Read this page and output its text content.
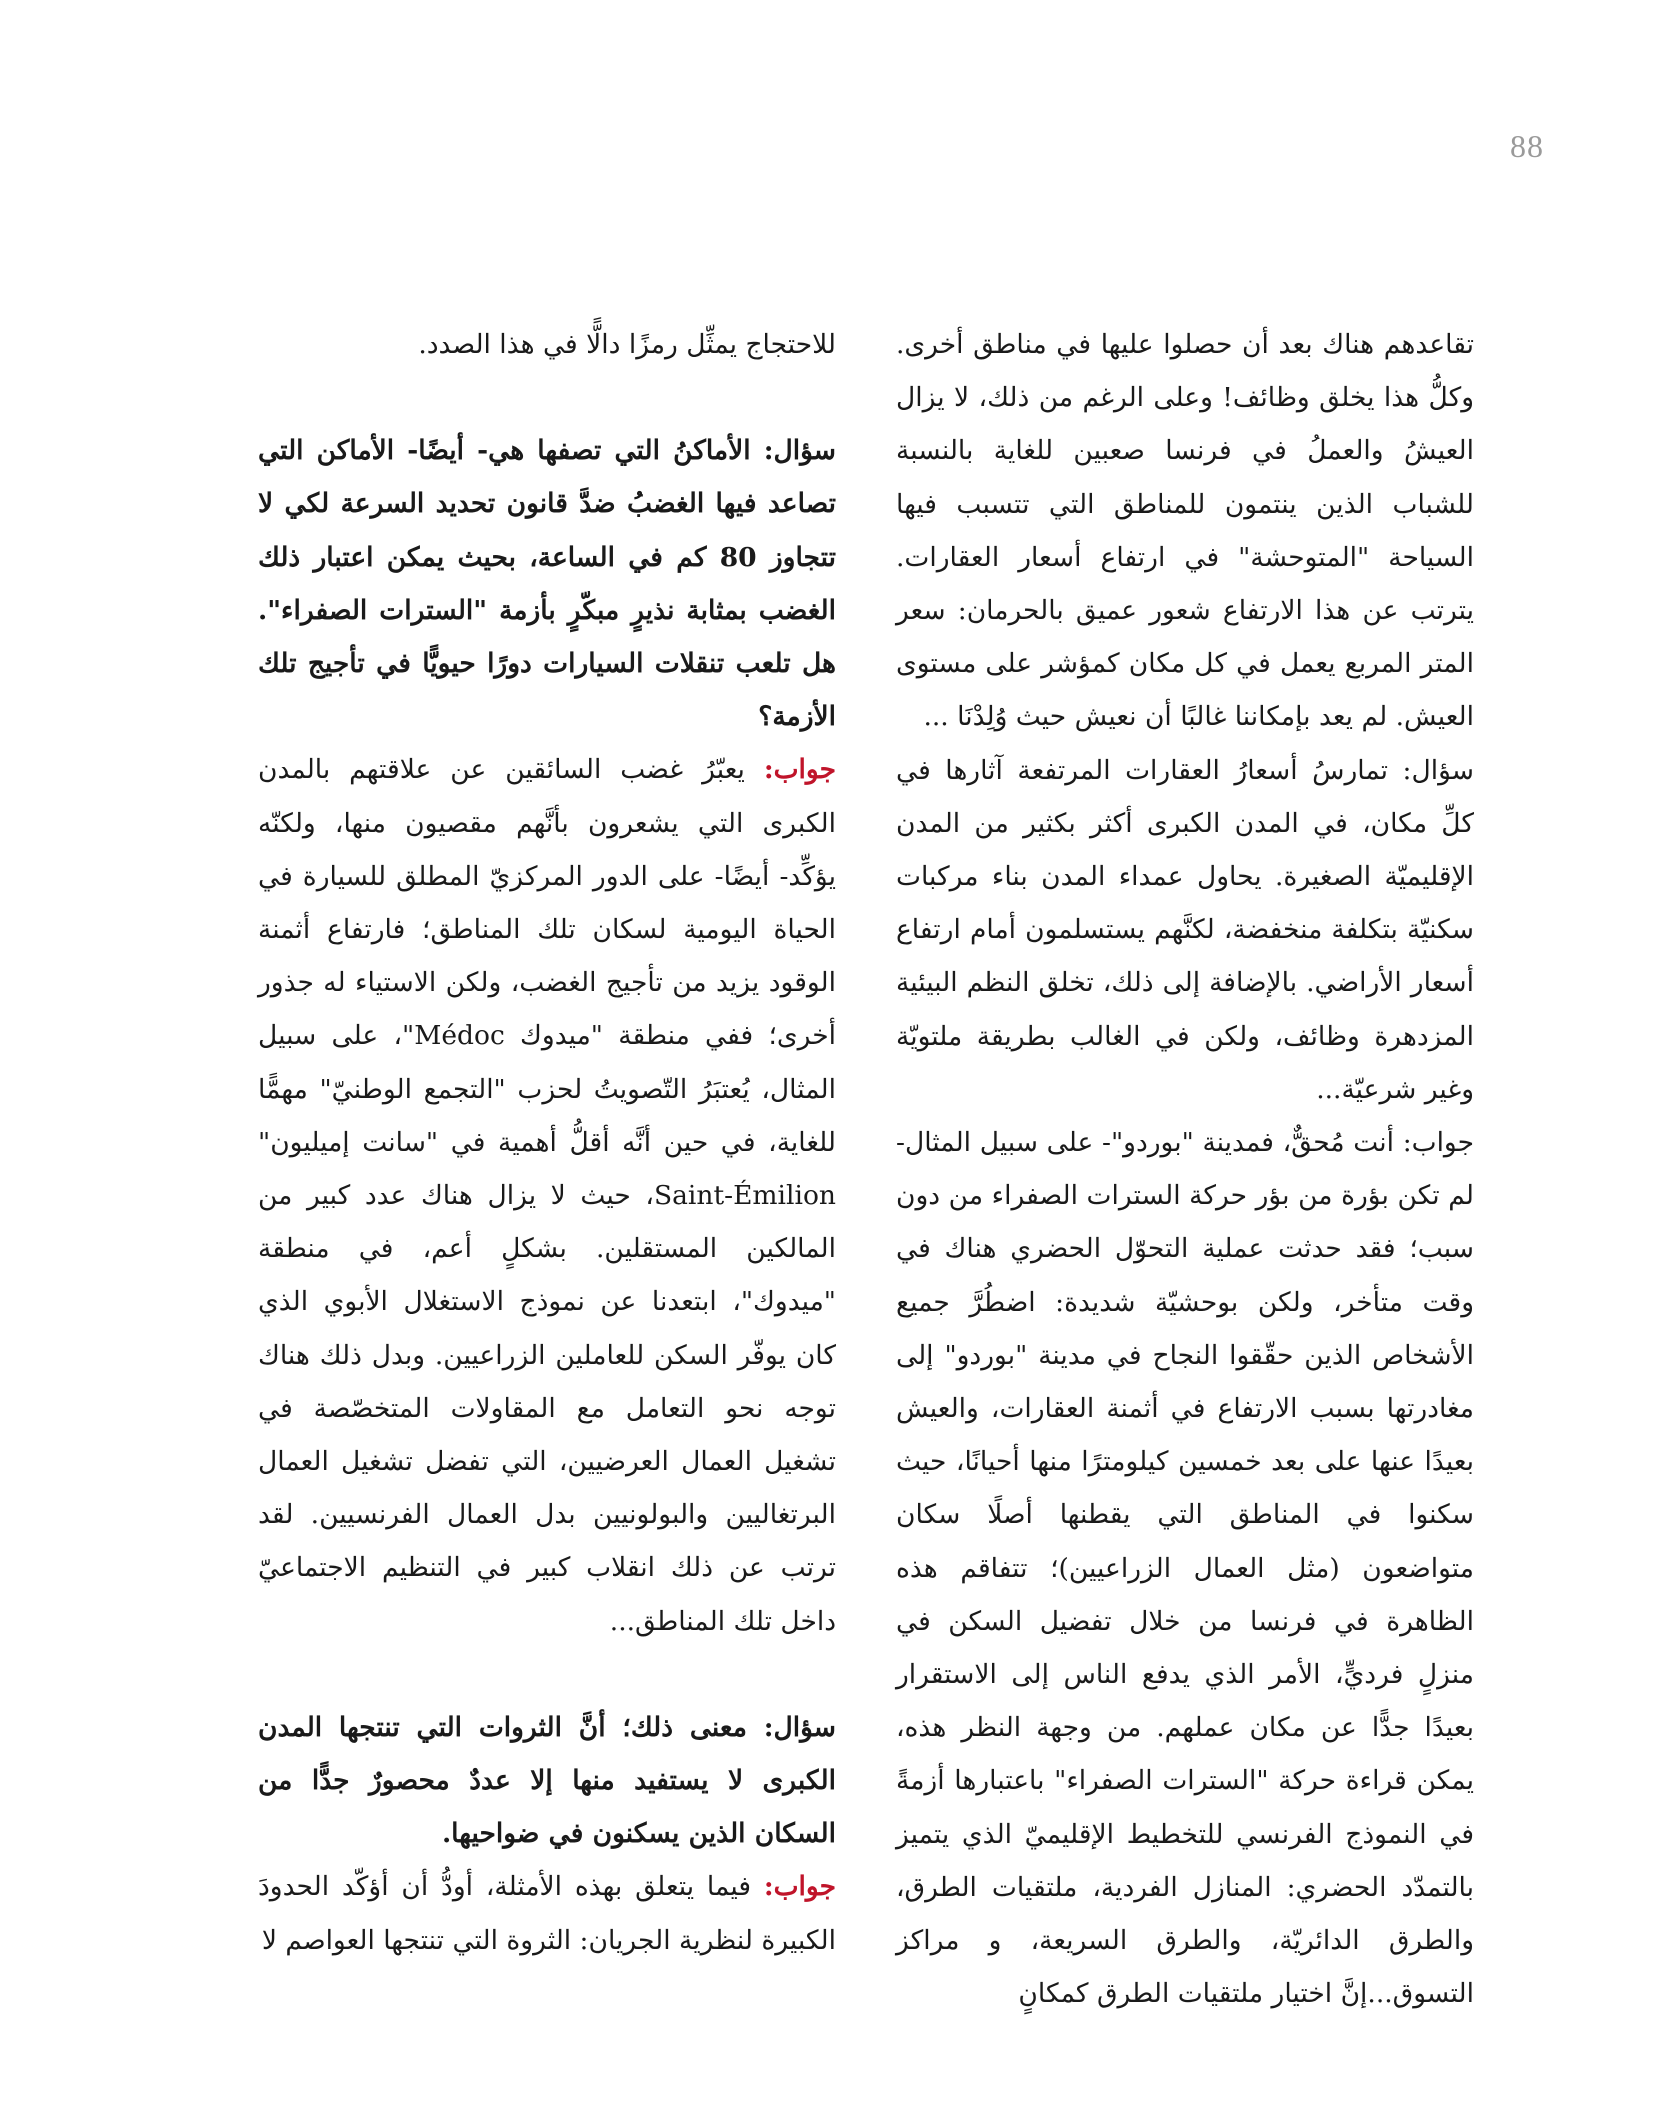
88

تقاعدهم هناك بعد أن حصلوا عليها في مناطق أخرى. وكلُّ هذا يخلق وظائف! وعلى الرغم من ذلك، لا يزال العيشُ والعملُ في فرنسا صعبين للغاية بالنسبة للشباب الذين ينتمون للمناطق التي تتسبب فيها السياحة "المتوحشة" في ارتفاع أسعار العقارات. يترتب عن هذا الارتفاع شعور عميق بالحرمان: سعر المتر المربع يعمل في كل مكان كمؤشر على مستوى العيش. لم يعد بإمكاننا غالبًا أن نعيش حيث وُلِدْنَا ...

سؤال: تمارسُ أسعارُ العقارات المرتفعة آثارها في كلِّ مكان، في المدن الكبرى أكثر بكثير من المدن الإقليميّة الصغيرة. يحاول عمداء المدن بناء مركبات سكنيّة بتكلفة منخفضة، لكنَّهم يستسلمون أمام ارتفاع أسعار الأراضي. بالإضافة إلى ذلك، تخلق النظم البيئية المزدهرة وظائف، ولكن في الغالب بطريقة ملتويّة وغير شرعيّة...

جواب: أنت مُحقٌّ، فمدينة "بوردو"- على سبيل المثال- لم تكن بؤرة من بؤر حركة السترات الصفراء من دون سبب؛ فقد حدثت عملية التحوّل الحضري هناك في وقت متأخر، ولكن بوحشيّة شديدة: اضطُرَّ جميع الأشخاص الذين حقّقوا النجاح في مدينة "بوردو" إلى مغادرتها بسبب الارتفاع في أثمنة العقارات، والعيش بعيدًا عنها على بعد خمسين كيلومترًا منها أحيانًا، حيث سكنوا في المناطق التي يقطنها أصلًا سكان متواضعون (مثل العمال الزراعيين)؛ تتفاقم هذه الظاهرة في فرنسا من خلال تفضيل السكن في منزلٍ فرديٍّ، الأمر الذي يدفع الناس إلى الاستقرار بعيدًا جدًّا عن مكان عملهم. من وجهة النظر هذه، يمكن قراءة حركة "السترات الصفراء" باعتبارها أزمةً في النموذج الفرنسي للتخطيط الإقليميّ الذي يتميز بالتمدّد الحضري: المنازل الفردية، ملتقيات الطرق، والطرق الدائريّة، والطرق السريعة، و مراكز التسوق...إنَّ اختيار ملتقيات الطرق كمكانٍ

للاحتجاج يمثِّل رمزًا دالًّا في هذا الصدد.

سؤال: الأماكنُ التي تصفها هي- أيضًا- الأماكن التي تصاعد فيها الغضبُ ضدَّ قانون تحديد السرعة لكي لا تتجاوز 80 كم في الساعة، بحيث يمكن اعتبار ذلك الغضب بمثابة نذيرٍ مبكّرٍ بأزمة "السترات الصفراء". هل تلعب تنقلات السيارات دورًا حيويًّا في تأجيج تلك الأزمة؟

جواب: يعبّرُ غضب السائقين عن علاقتهم بالمدن الكبرى التي يشعرون بأنَّهم مقصيون منها، ولكنّه يؤكِّد- أيضًا- على الدور المركزيّ المطلق للسيارة في الحياة اليومية لسكان تلك المناطق؛ فارتفاع أثمنة الوقود يزيد من تأجيج الغضب، ولكن الاستياء له جذور أخرى؛ ففي منطقة "ميدوك Médoc"، على سبيل المثال، يُعتبَرُ التّصويتُ لحزب "التجمع الوطنيّ" مهمًّا للغاية، في حين أنَّه أقلُّ أهمية في "سانت إميليون" Saint-Émilion، حيث لا يزال هناك عدد كبير من المالكين المستقلين. بشكلٍ أعم، في منطقة "ميدوك"، ابتعدنا عن نموذج الاستغلال الأبوي الذي كان يوفّر السكن للعاملين الزراعيين. وبدل ذلك هناك توجه نحو التعامل مع المقاولات المتخصّصة في تشغيل العمال العرضيين، التي تفضل تشغيل العمال البرتغاليين والبولونيين بدل العمال الفرنسيين. لقد ترتب عن ذلك انقلاب كبير في التنظيم الاجتماعيّ داخل تلك المناطق...

سؤال: معنى ذلك؛ أنَّ الثروات التي تنتجها المدن الكبرى لا يستفيد منها إلا عددٌ محصورٌ جدًّا من السكان الذين يسكنون في ضواحيها.

جواب: فيما يتعلق بهذه الأمثلة، أودُّ أن أؤكّد الحدودَ الكبيرة لنظرية الجريان: الثروة التي تنتجها العواصم لا
